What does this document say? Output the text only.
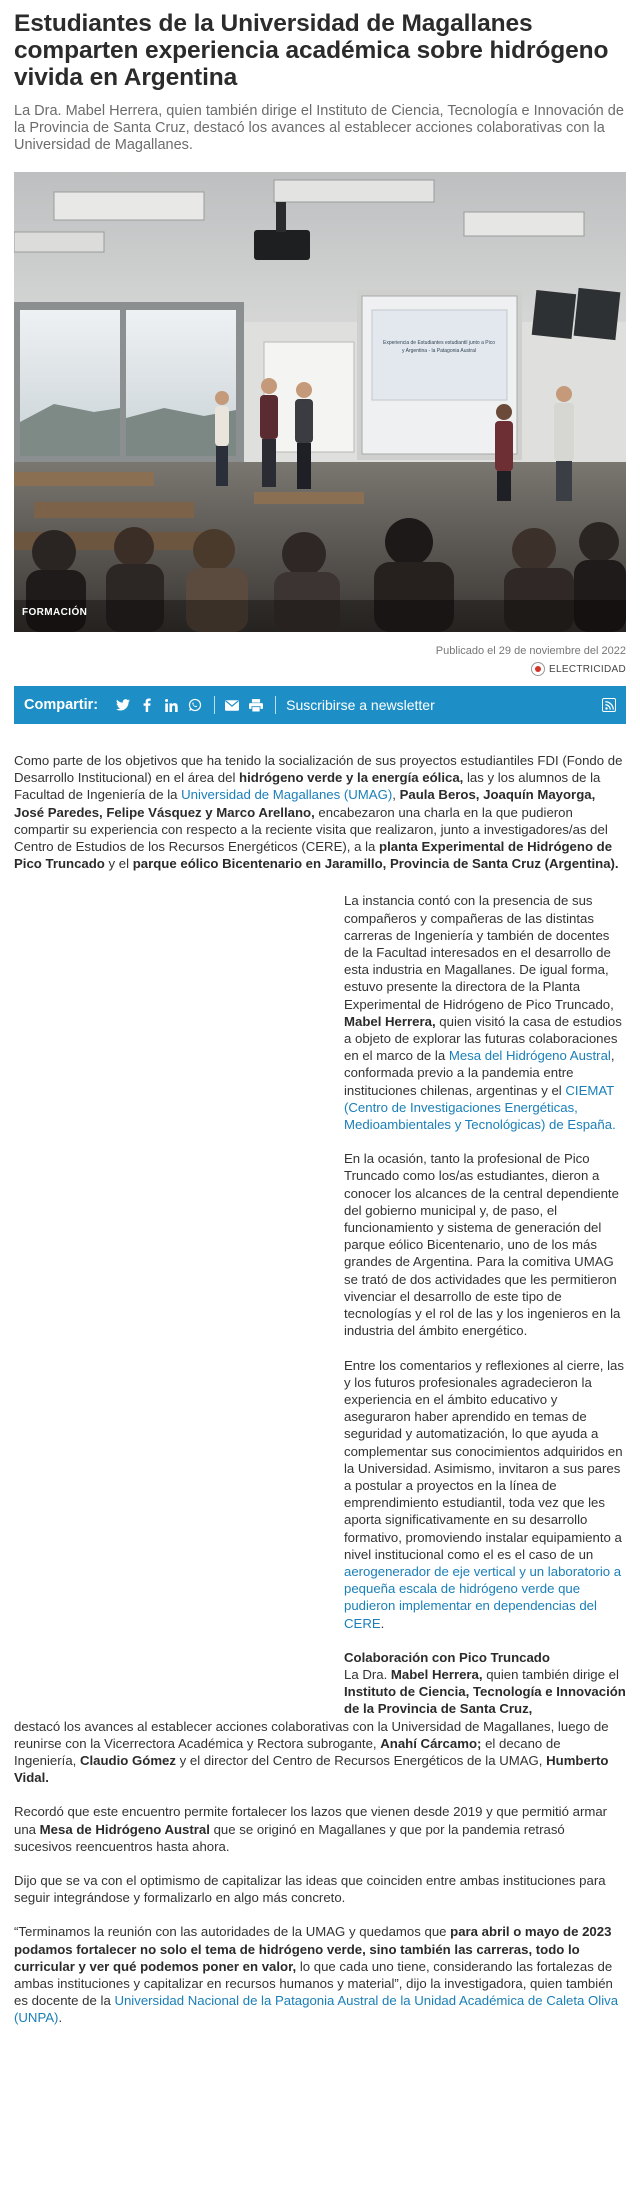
Estudiantes de la Universidad de Magallanes comparten experiencia académica sobre hidrógeno vivida en Argentina

La Dra. Mabel Herrera, quien también dirige el Instituto de Ciencia, Tecnología e Innovación de la Provincia de Santa Cruz, destacó los avances al establecer acciones colaborativas con la Universidad de Magallanes.

Experiencia de Estudiantes estudiantil junto a Pico
y Argentina - la Patagonia Austral
FORMACIÓN
Publicado el 29 de noviembre del 2022
ELECTRICIDAD
Compartir:	Suscribirse a newsletter

Como parte de los objetivos que ha tenido la socialización de sus proyectos estudiantiles FDI (Fondo de Desarrollo Institucional) en el área del hidrógeno verde y la energía eólica, las y los alumnos de la Facultad de Ingeniería de la Universidad de Magallanes (UMAG), Paula Beros, Joaquín Mayorga, José Paredes, Felipe Vásquez y Marco Arellano, encabezaron una charla en la que pudieron compartir su experiencia con respecto a la reciente visita que realizaron, junto a investigadores/as del Centro de Estudios de los Recursos Energéticos (CERE), a la planta Experimental de Hidrógeno de Pico Truncado y el parque eólico Bicentenario en Jaramillo, Provincia de Santa Cruz (Argentina).

La instancia contó con la presencia de sus compañeros y compañeras de las distintas carreras de Ingeniería y también de docentes de la Facultad interesados en el desarrollo de esta industria en Magallanes. De igual forma, estuvo presente la directora de la Planta Experimental de Hidrógeno de Pico Truncado, Mabel Herrera, quien visitó la casa de estudios a objeto de explorar las futuras colaboraciones en el marco de la Mesa del Hidrógeno Austral, conformada previo a la pandemia entre instituciones chilenas, argentinas y el CIEMAT (Centro de Investigaciones Energéticas, Medioambientales y Tecnológicas) de España.

En la ocasión, tanto la profesional de Pico Truncado como los/as estudiantes, dieron a conocer los alcances de la central dependiente del gobierno municipal y, de paso, el funcionamiento y sistema de generación del parque eólico Bicentenario, uno de los más grandes de Argentina. Para la comitiva UMAG se trató de dos actividades que les permitieron vivenciar el desarrollo de este tipo de tecnologías y el rol de las y los ingenieros en la industria del ámbito energético.

Entre los comentarios y reflexiones al cierre, las y los futuros profesionales agradecieron la experiencia en el ámbito educativo y aseguraron haber aprendido en temas de seguridad y automatización, lo que ayuda a complementar sus conocimientos adquiridos en la Universidad. Asimismo, invitaron a sus pares a postular a proyectos en la línea de emprendimiento estudiantil, toda vez que les aporta significativamente en su desarrollo formativo, promoviendo instalar equipamiento a nivel institucional como el es el caso de un aerogenerador de eje vertical y un laboratorio a pequeña escala de hidrógeno verde que pudieron implementar en dependencias del CERE.

Colaboración con Pico Truncado
La Dra. Mabel Herrera, quien también dirige el Instituto de Ciencia, Tecnología e Innovación de la Provincia de Santa Cruz,
destacó los avances al establecer acciones colaborativas con la Universidad de Magallanes, luego de reunirse con la Vicerrectora Académica y Rectora subrogante, Anahí Cárcamo; el decano de Ingeniería, Claudio Gómez y el director del Centro de Recursos Energéticos de la UMAG, Humberto Vidal.

Recordó que este encuentro permite fortalecer los lazos que vienen desde 2019 y que permitió armar una Mesa de Hidrógeno Austral que se originó en Magallanes y que por la pandemia retrasó sucesivos reencuentros hasta ahora.

Dijo que se va con el optimismo de capitalizar las ideas que coinciden entre ambas instituciones para seguir integrándose y formalizarlo en algo más concreto.

“Terminamos la reunión con las autoridades de la UMAG y quedamos que para abril o mayo de 2023 podamos fortalecer no solo el tema de hidrógeno verde, sino también las carreras, todo lo curricular y ver qué podemos poner en valor, lo que cada uno tiene, considerando las fortalezas de ambas instituciones y capitalizar en recursos humanos y material”, dijo la investigadora, quien también es docente de la Universidad Nacional de la Patagonia Austral de la Unidad Académica de Caleta Oliva (UNPA).
